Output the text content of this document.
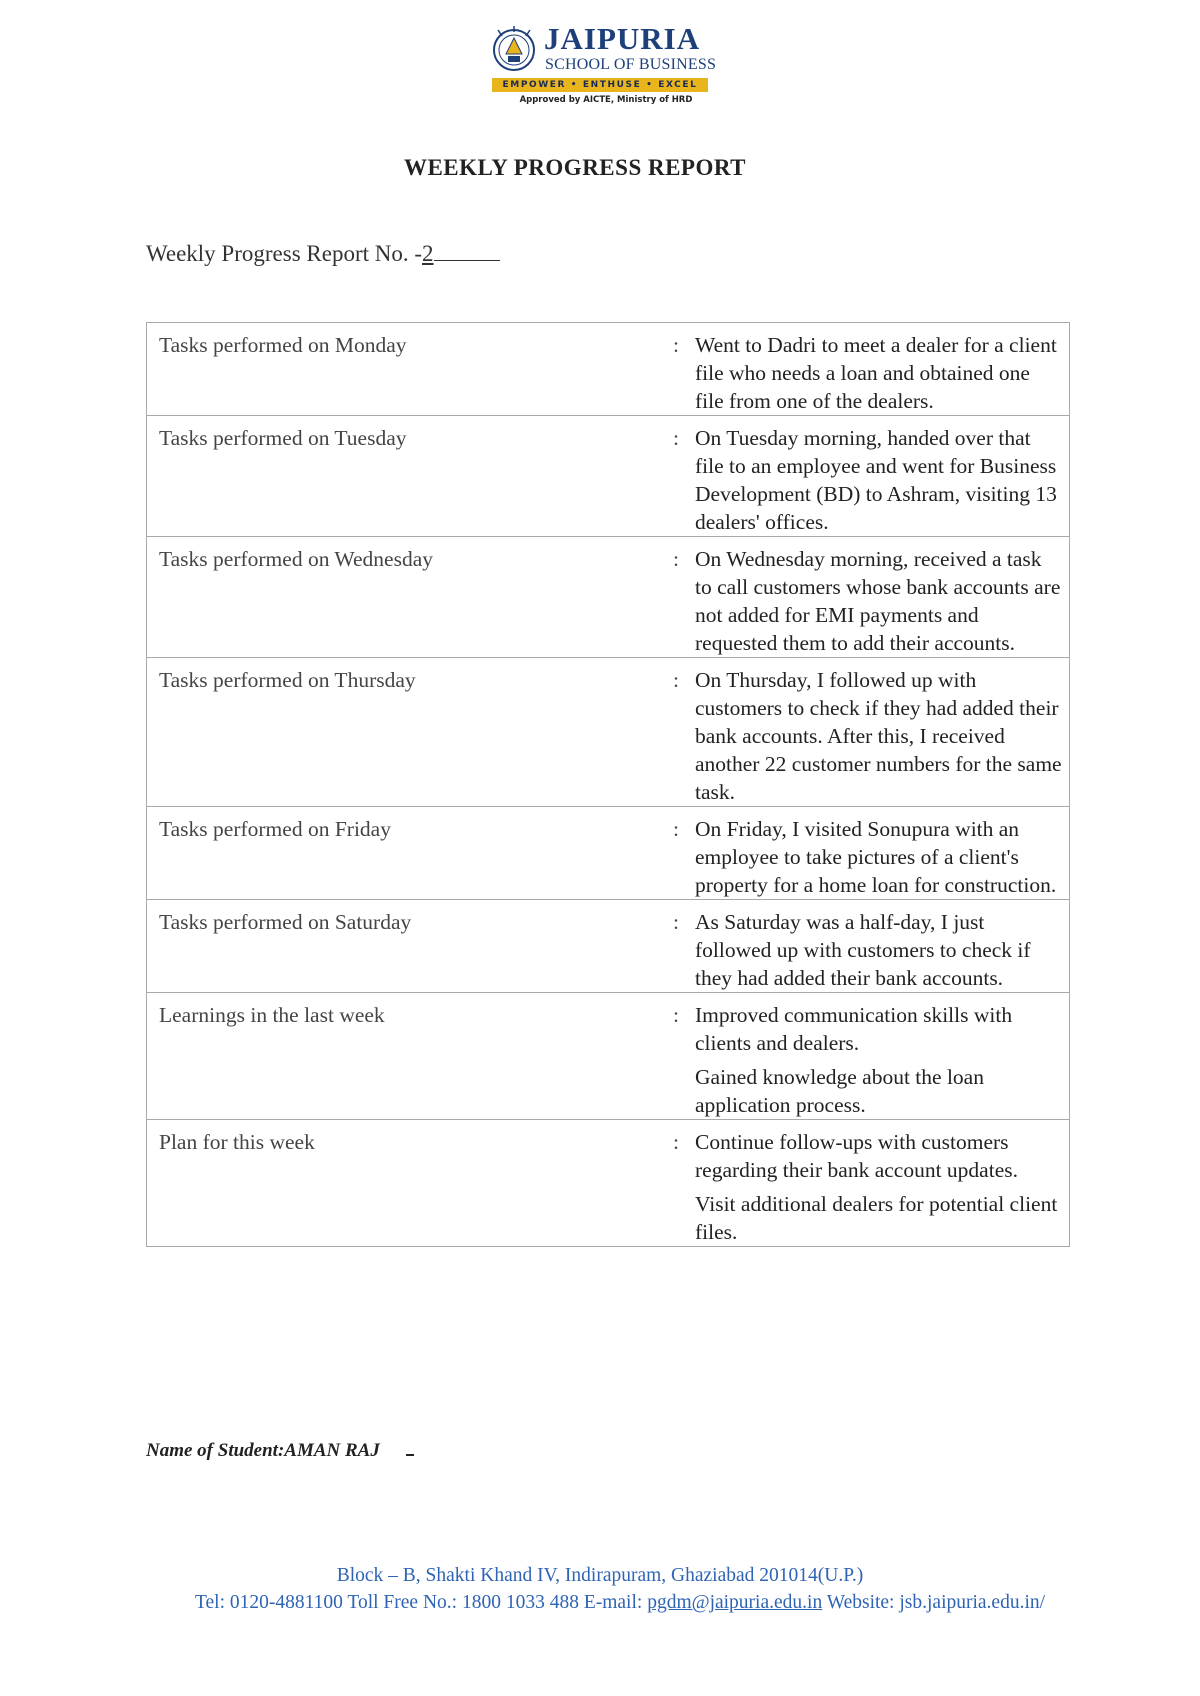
JAIPURIA
SCHOOL OF BUSINESS
EMPOWER • ENTHUSE • EXCEL
Approved by AICTE, Ministry of HRD
WEEKLY PROGRESS REPORT
Weekly Progress Report No. -2
Tasks performed on Monday	:	Went to Dadri to meet a dealer for a client file who needs a loan and obtained one file from one of the dealers.

Tasks performed on Tuesday	:	On Tuesday morning, handed over that file to an employee and went for Business Development (BD) to Ashram, visiting 13 dealers' offices.

Tasks performed on Wednesday	:	On Wednesday morning, received a task to call customers whose bank accounts are not added for EMI payments and requested them to add their accounts.

Tasks performed on Thursday	:	On Thursday, I followed up with customers to check if they had added their bank accounts. After this, I received another 22 customer numbers for the same task.

Tasks performed on Friday	:	On Friday, I visited Sonupura with an employee to take pictures of a client's property for a home loan for construction.

Tasks performed on Saturday	:	As Saturday was a half-day, I just followed up with customers to check if they had added their bank accounts.

Learnings in the last week	:	Improved communication skills with clients and dealers.

Gained knowledge about the loan application process.

Plan for this week	:	Continue follow-ups with customers regarding their bank account updates.

Visit additional dealers for potential client files.

Name of Student:AMAN RAJ
Block – B, Shakti Khand IV, Indirapuram, Ghaziabad 201014(U.P.)
Tel: 0120-4881100 Toll Free No.: 1800 1033 488 E-mail: pgdm@jaipuria.edu.in Website: jsb.jaipuria.edu.in/
